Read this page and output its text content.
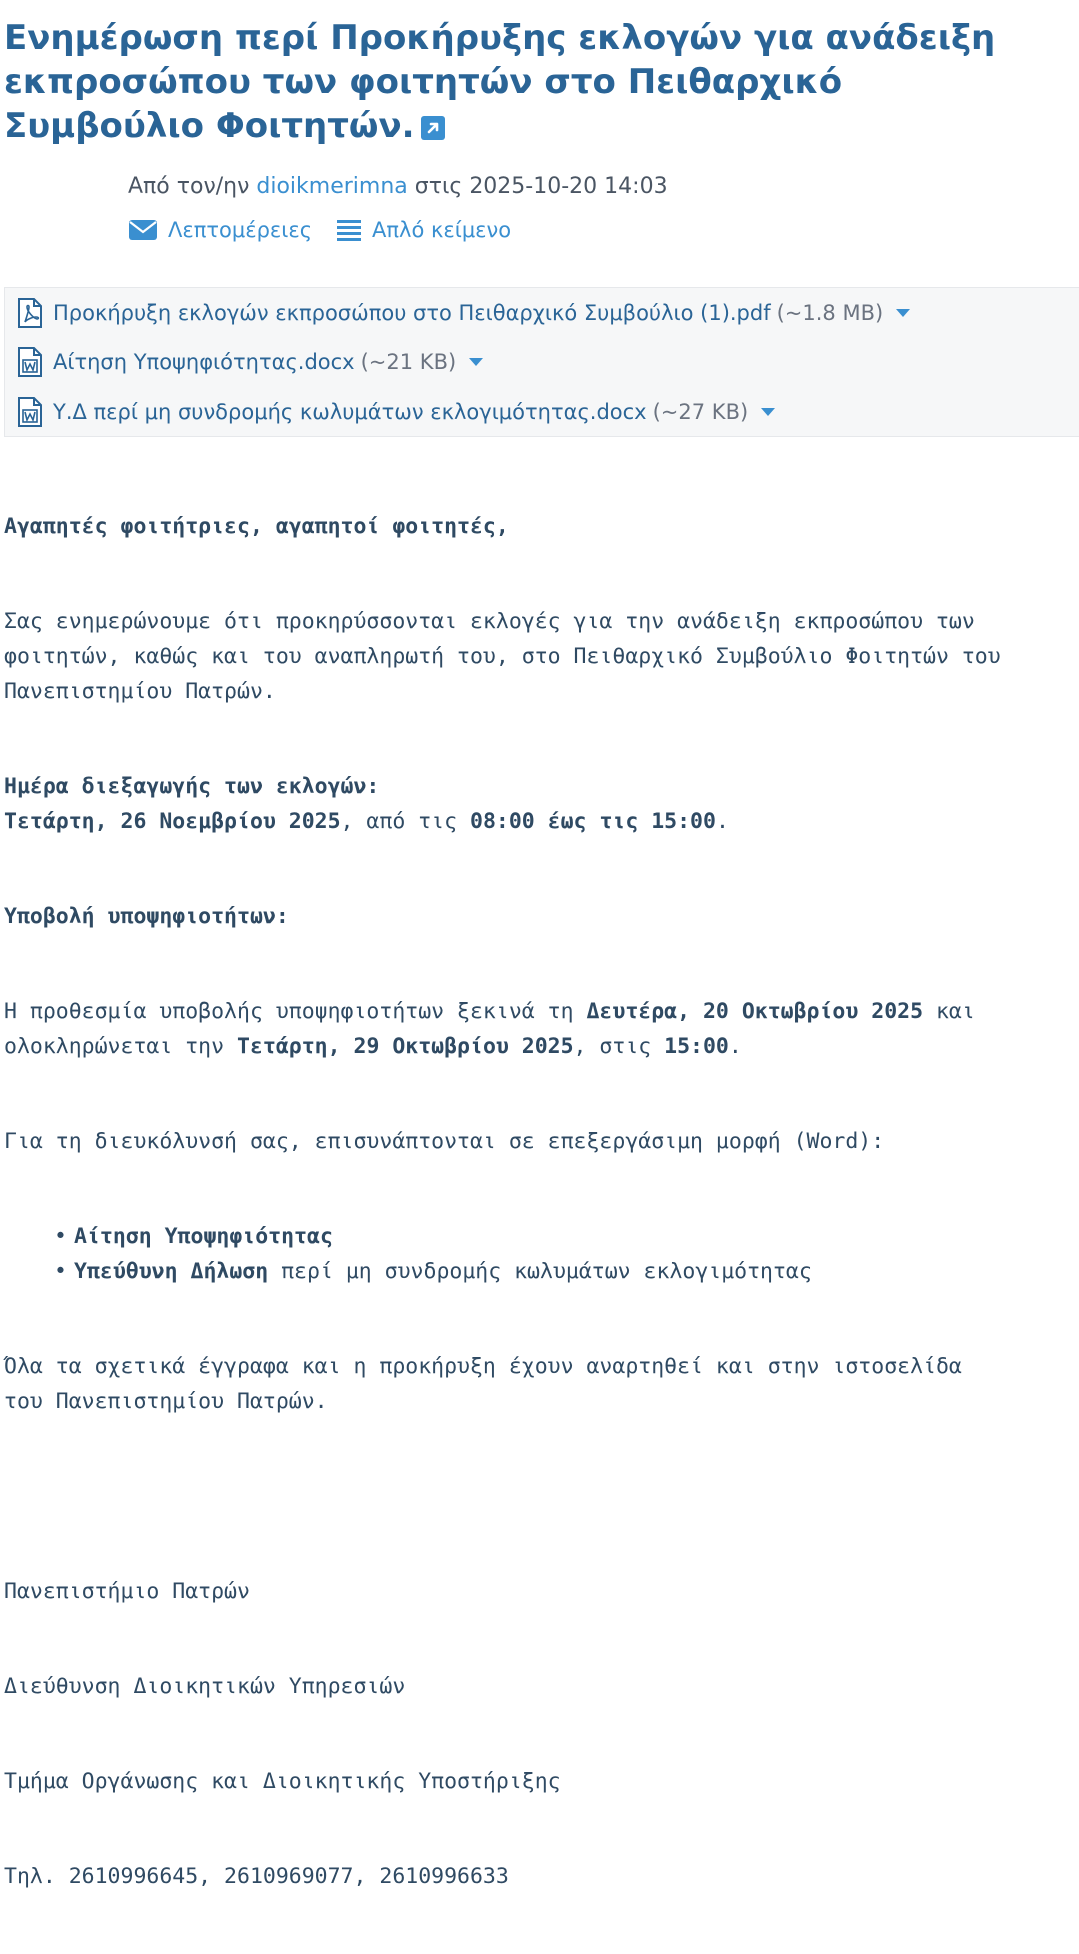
Ενημέρωση περί Προκήρυξης εκλογών για ανάδειξη εκπροσώπου των φοιτητών στο Πειθαρχικό Συμβούλιο Φοιτητών.
Από τον/ην dioikmerimna στις 2025-10-20 14:03
Λεπτομέρειες	Απλό κείμενο
Προκήρυξη εκλογών εκπροσώπου στο Πειθαρχικό Συμβούλιο (1).pdf (~1.8 MB)
Αίτηση Υποψηφιότητας.docx (~21 KB)
Υ.Δ περί μη συνδρομής κωλυμάτων εκλογιμότητας.docx (~27 KB)

Αγαπητές φοιτήτριες, αγαπητοί φοιτητές,

Σας ενημερώνουμε ότι προκηρύσσονται εκλογές για την ανάδειξη εκπροσώπου των
φοιτητών, καθώς και του αναπληρωτή του, στο Πειθαρχικό Συμβούλιο Φοιτητών του
Πανεπιστημίου Πατρών.

Ημέρα διεξαγωγής των εκλογών:
Τετάρτη, 26 Νοεμβρίου 2025, από τις 08:00 έως τις 15:00.

Υποβολή υποψηφιοτήτων:

Η προθεσμία υποβολής υποψηφιοτήτων ξεκινά τη Δευτέρα, 20 Οκτωβρίου 2025 και
ολοκληρώνεται την Τετάρτη, 29 Οκτωβρίου 2025, στις 15:00.

Για τη διευκόλυνσή σας, επισυνάπτονται σε επεξεργάσιμη μορφή (Word):

• Αίτηση Υποψηφιότητας
• Υπεύθυνη Δήλωση περί μη συνδρομής κωλυμάτων εκλογιμότητας

Όλα τα σχετικά έγγραφα και η προκήρυξη έχουν αναρτηθεί και στην ιστοσελίδα
του Πανεπιστημίου Πατρών.

Πανεπιστήμιο Πατρών

Διεύθυνση Διοικητικών Υπηρεσιών

Τμήμα Οργάνωσης και Διοικητικής Υποστήριξης

Τηλ. 2610996645, 2610969077, 2610996633
